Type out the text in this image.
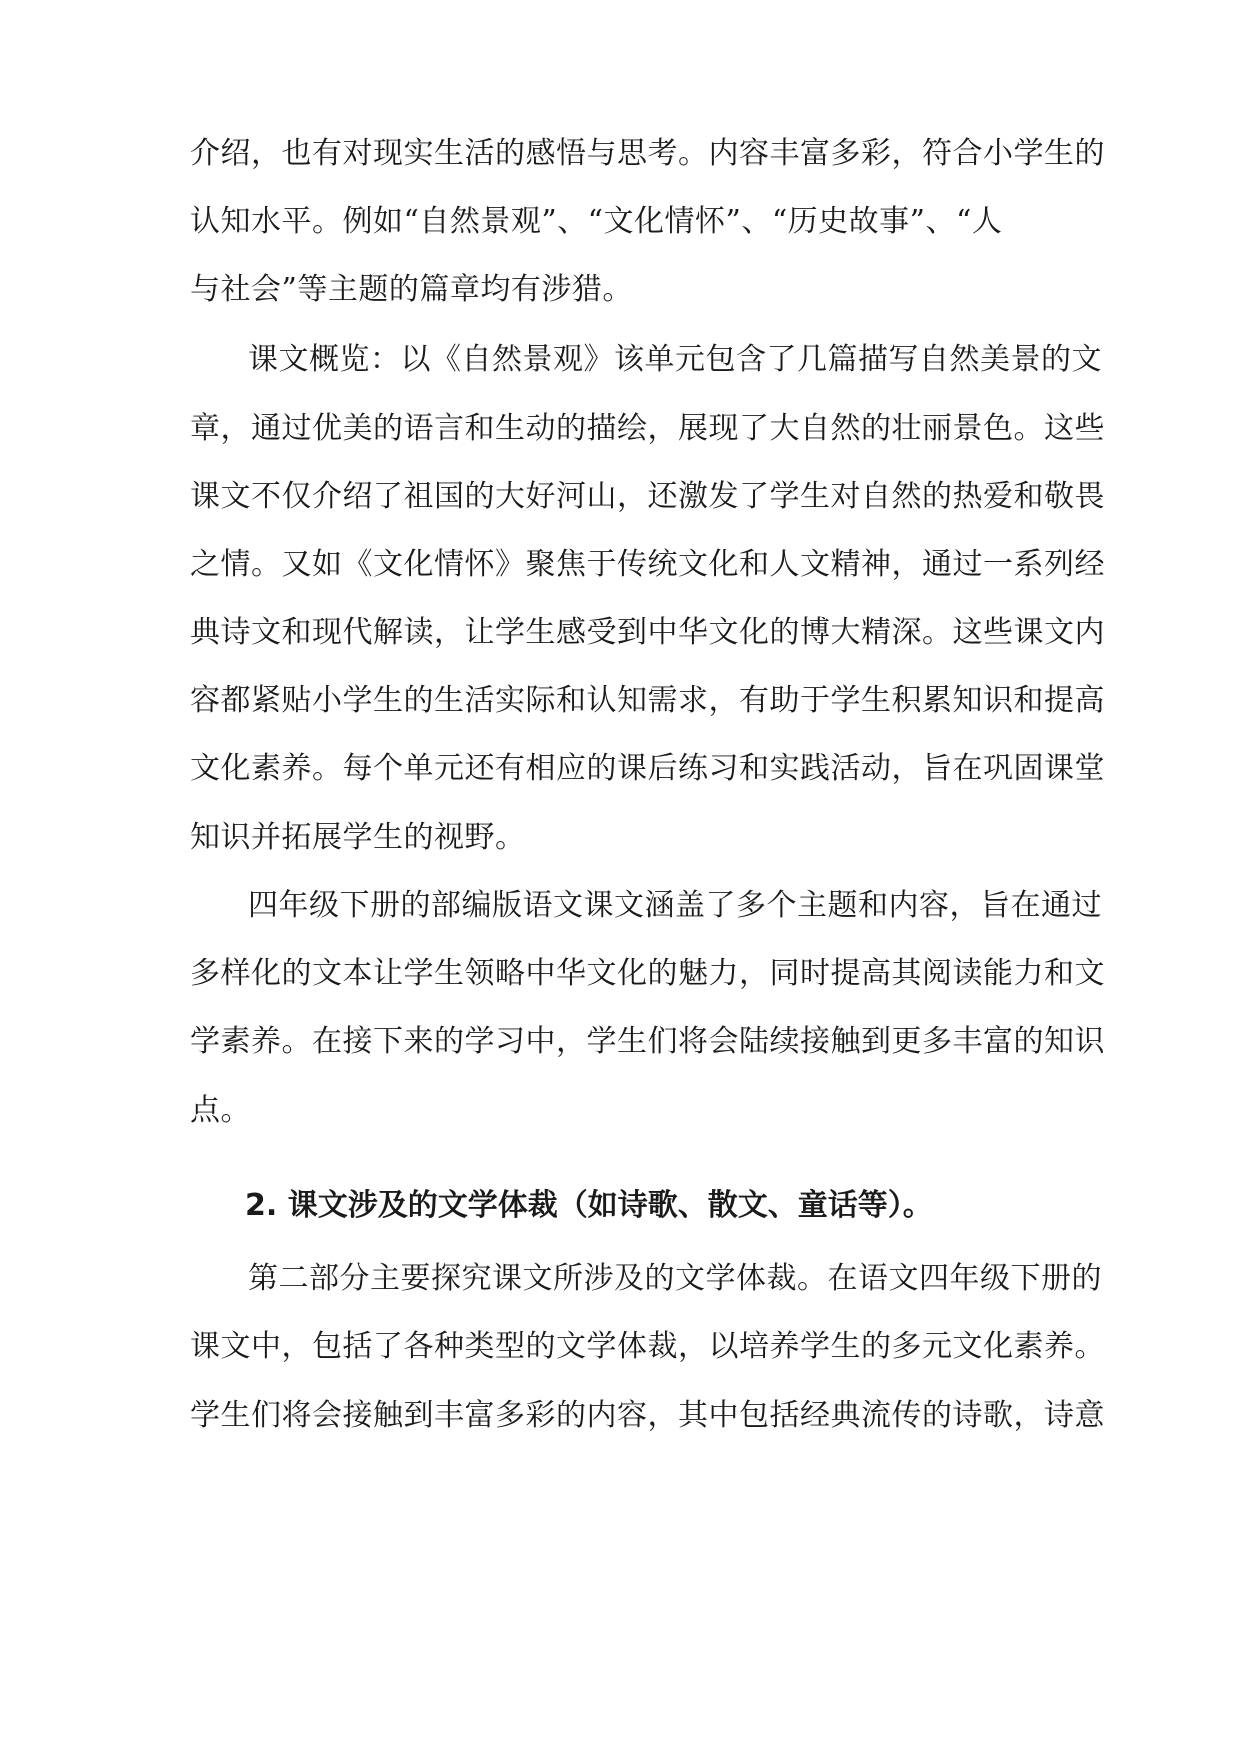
介绍，也有对现实生活的感悟与思考。内容丰富多彩，符合小学生的
认知水平。例如“自然景观”、“文化情怀”、“历史故事”、“人
与社会”等主题的篇章均有涉猎。
课文概览：以《自然景观》该单元包含了几篇描写自然美景的文
章，通过优美的语言和生动的描绘，展现了大自然的壮丽景色。这些
课文不仅介绍了祖国的大好河山，还激发了学生对自然的热爱和敬畏
之情。又如《文化情怀》聚焦于传统文化和人文精神，通过一系列经
典诗文和现代解读，让学生感受到中华文化的博大精深。这些课文内
容都紧贴小学生的生活实际和认知需求，有助于学生积累知识和提高
文化素养。每个单元还有相应的课后练习和实践活动，旨在巩固课堂
知识并拓展学生的视野。
四年级下册的部编版语文课文涵盖了多个主题和内容，旨在通过
多样化的文本让学生领略中华文化的魅力，同时提高其阅读能力和文
学素养。在接下来的学习中，学生们将会陆续接触到更多丰富的知识
点。
2. 课文涉及的文学体裁（如诗歌、散文、童话等）。
第二部分主要探究课文所涉及的文学体裁。在语文四年级下册的
课文中，包括了各种类型的文学体裁，以培养学生的多元文化素养。
学生们将会接触到丰富多彩的内容，其中包括经典流传的诗歌，诗意
